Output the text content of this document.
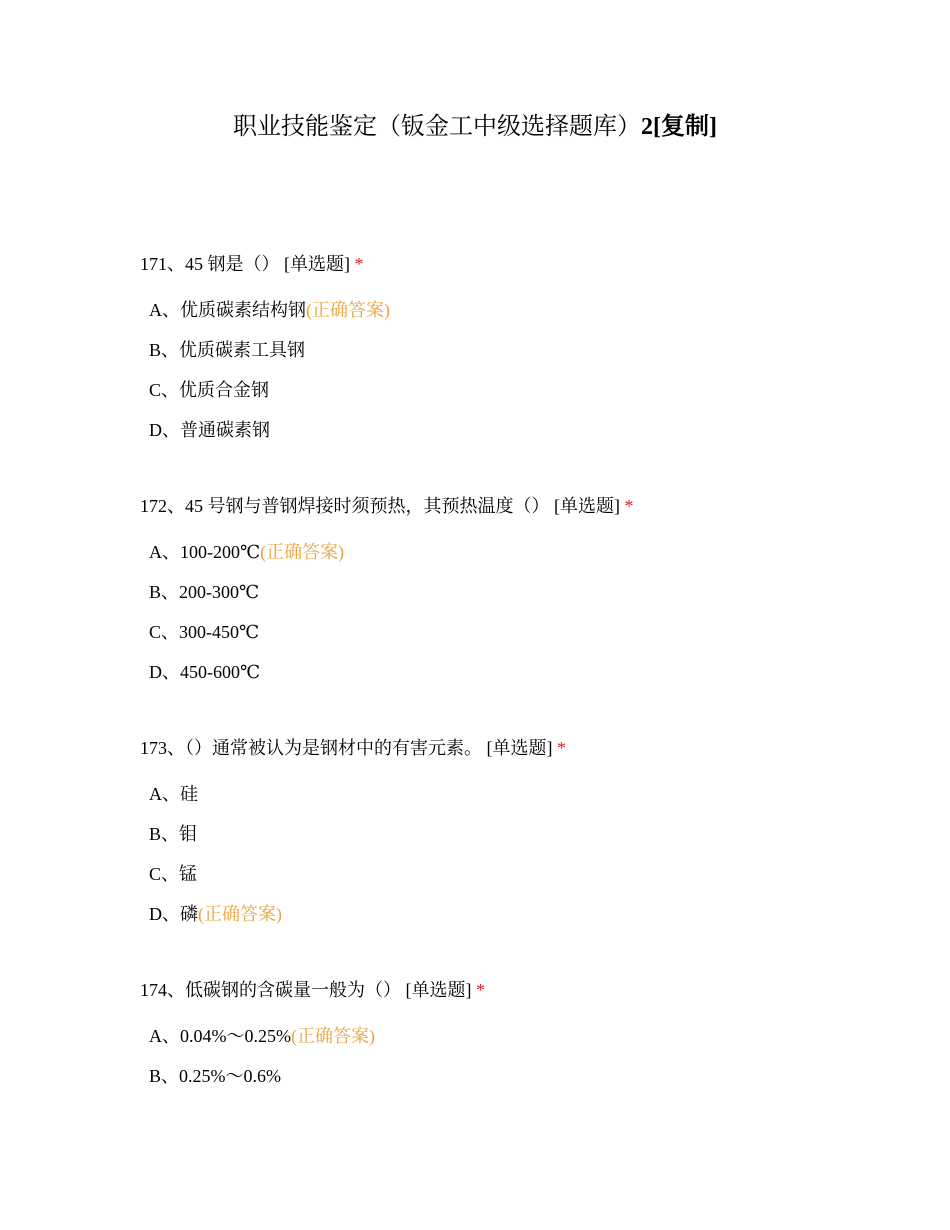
职业技能鉴定（钣金工中级选择题库）2[复制]
171、45 钢是（） [单选题] *
A、优质碳素结构钢(正确答案)
B、优质碳素工具钢
C、优质合金钢
D、普通碳素钢
172、45 号钢与普钢焊接时须预热，其预热温度（） [单选题] *
A、100-200℃(正确答案)
B、200-300℃
C、300-450℃
D、450-600℃
173、（）通常被认为是钢材中的有害元素。 [单选题] *
A、硅
B、钼
C、锰
D、磷(正确答案)
174、低碳钢的含碳量一般为（） [单选题] *
A、0.04%～0.25%(正确答案)
B、0.25%～0.6%
